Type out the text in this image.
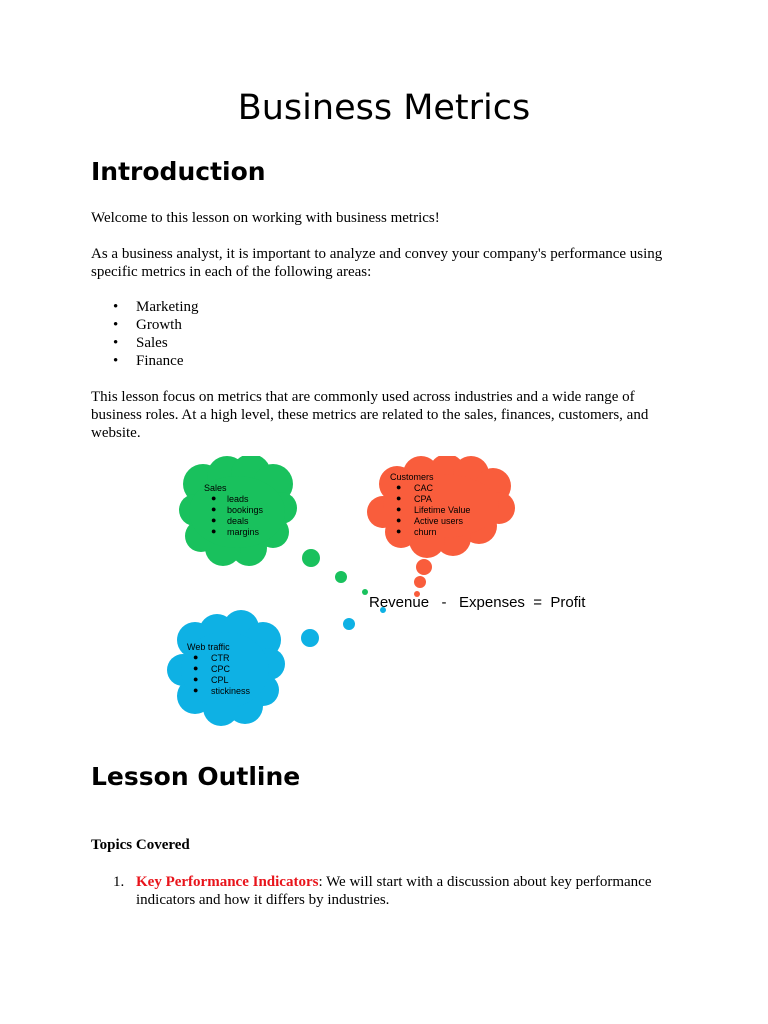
Business Metrics
Introduction

Welcome to this lesson on working with business metrics!

As a business analyst, it is important to analyze and convey your company's performance using specific metrics in each of the following areas:

• Marketing
• Growth
• Sales
• Finance

This lesson focus on metrics that are commonly used across industries and a wide range of business roles. At a high level, these metrics are related to the sales, finances, customers, and website.

Sales
● leads
● bookings
● deals
● margins
Customers
● CAC
● CPA
● Lifetime Value
● Active users
● churn
Web traffic
● CTR
● CPC
● CPL
● stickiness
Revenue   -   Expenses  =  Profit
Lesson Outline

Topics Covered

1. Key Performance Indicators: We will start with a discussion about key performance indicators and how it differs by industries.
